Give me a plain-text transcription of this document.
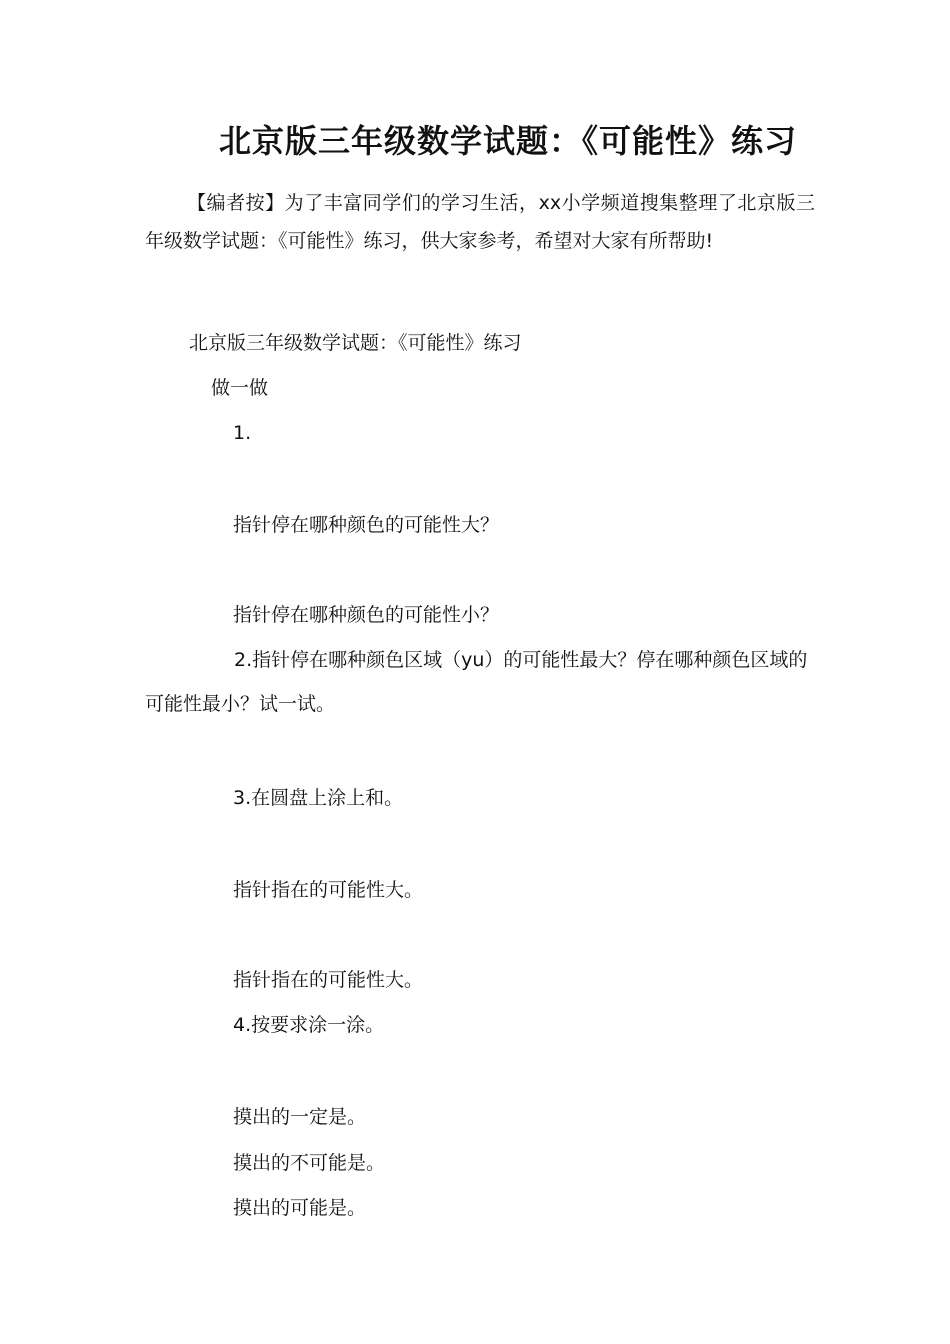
北京版三年级数学试题：《可能性》练习

【编者按】为了丰富同学们的学习生活，xx小学频道搜集整理了北京版三年级数学试题：《可能性》练习，供大家参考，希望对大家有所帮助!

北京版三年级数学试题：《可能性》练习

做一做

1.

指针停在哪种颜色的可能性大？

指针停在哪种颜色的可能性小？

2.指针停在哪种颜色区域（yu）的可能性最大？停在哪种颜色区域的可能性最小？试一试。

3.在圆盘上涂上和。

指针指在的可能性大。

指针指在的可能性大。

4.按要求涂一涂。

摸出的一定是。

摸出的不可能是。

摸出的可能是。
